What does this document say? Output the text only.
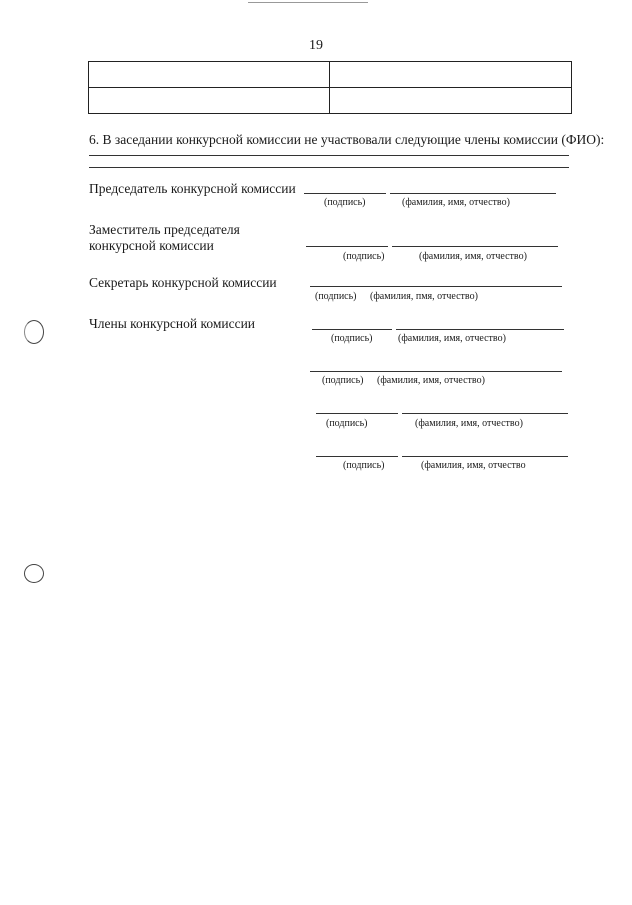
19

6. В заседании конкурсной комиссии не участвовали следующие члены комиссии (ФИО):
Председатель конкурсной комиссии
(подпись)	(фамилия, имя, отчество)
Заместитель председателя
конкурсной комиссии
(подпись)	(фамилия, имя, отчество)
Секретарь конкурсной комиссии
(подпись) (фамилия, пмя, отчество)
Члены конкурсной комиссии
(подпись)	(фамилия, имя, отчество)
(подпись) (фамилия, имя, отчество)
(подпись)	(фамилия, имя, отчество)
(подпись)	(фамилия, имя, отчество
